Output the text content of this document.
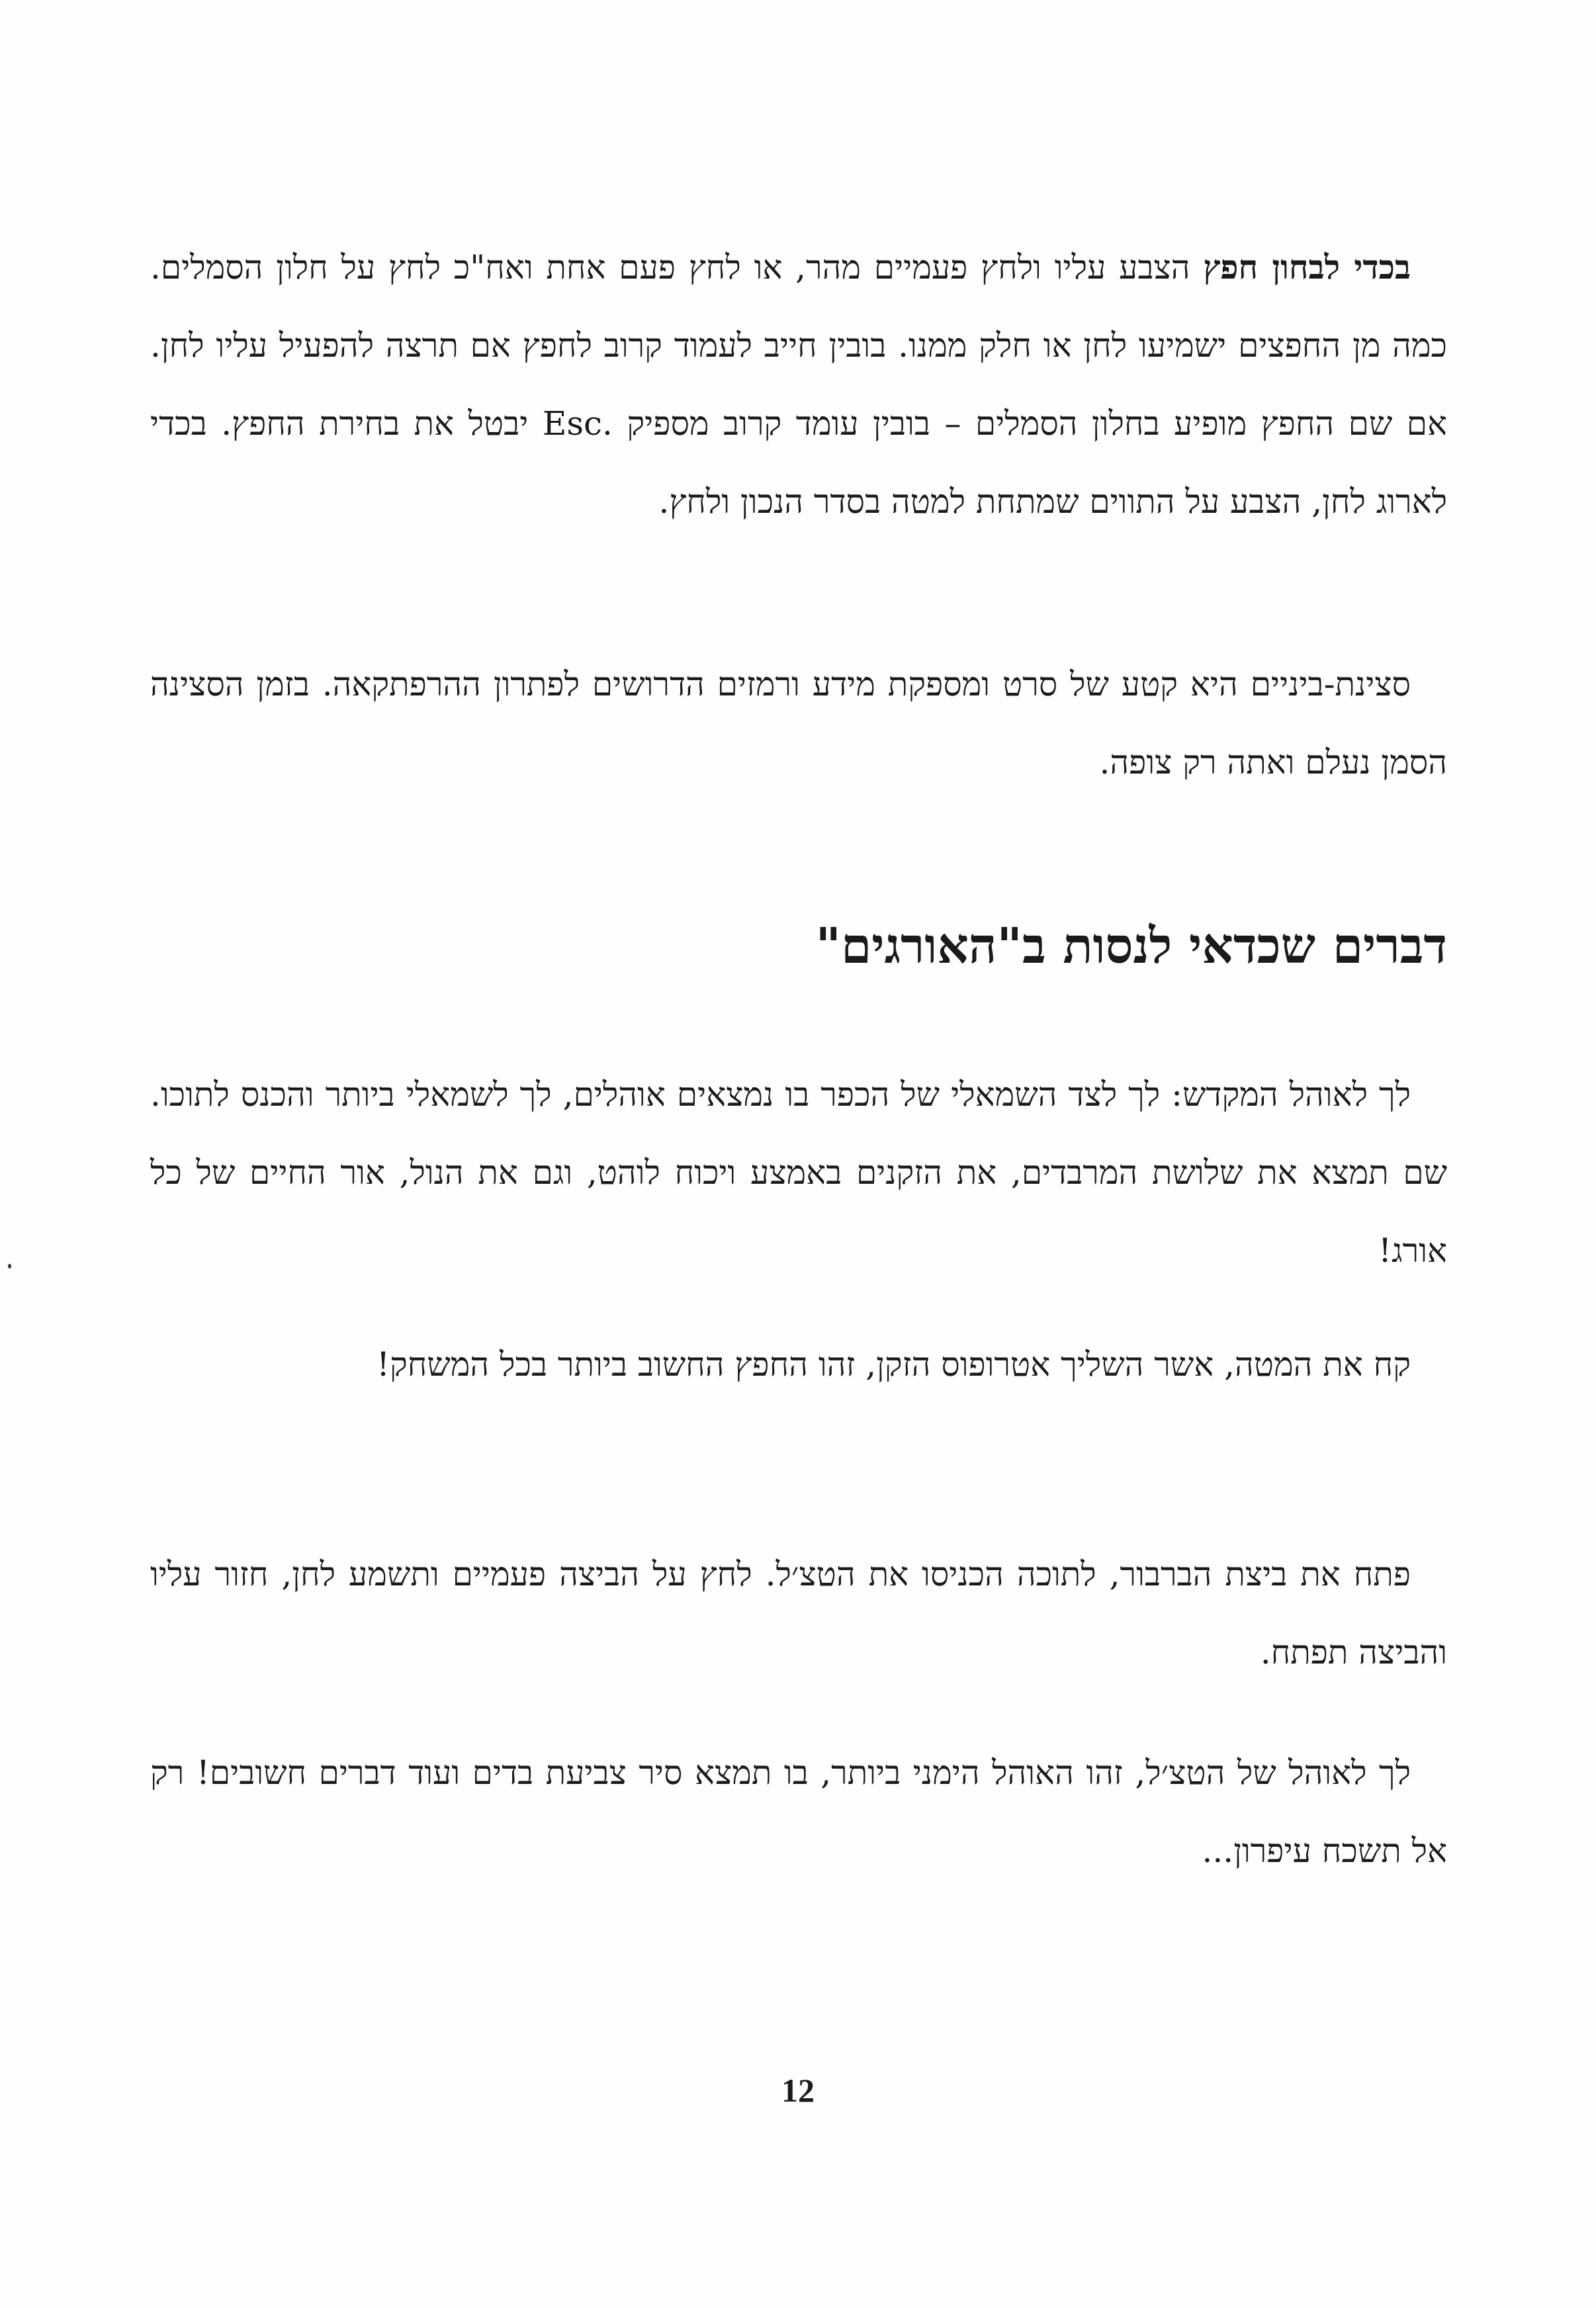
בכדי לבחון חפץ הצבע עליו ולחץ פעמיים מהר, או לחץ פעם אחת ואח"כ לחץ על חלון הסמלים. כמה מן החפצים ישמיעו לחן או חלק ממנו. בובין חייב לעמוד קרוב לחפץ אם תרצה להפעיל עליו לחן. אם שם החפץ מופיע בחלון הסמלים – בובין עומד קרוב מספיק .Esc יבטל את בחירת החפץ. בכדי לארוג לחן, הצבע על התווים שמתחת למטה בסדר הנכון ולחץ.

סצינת-ביניים היא קטע של סרט ומספקת מידע ורמזים הדרושים לפתרון ההרפתקאה. בזמן הסצינה הסמן נעלם ואתה רק צופה.

דברים שכדאי לנסות ב"האורגים"

לך לאוהל המקדש: לך לצד השמאלי של הכפר בו נמצאים אוהלים, לך לשמאלי ביותר והכנס לתוכו. שם תמצא את שלושת המרבדים, את הזקנים באמצע ויכוח לוהט, וגם את הנול, אור החיים של כל אורג!

קח את המטה, אשר השליך אטרופוס הזקן, זהו החפץ החשוב ביותר בכל המשחק!

פתח את ביצת הברבור, לתוכה הכניסו את הטצ׳ל. לחץ על הביצה פעמיים ותשמע לחן, חזור עליו והביצה תפתח.

לך לאוהל של הטצ׳ל, זהו האוהל הימני ביותר, בו תמצא סיר צביעת בדים ועוד דברים חשובים! רק אל תשכח עיפרון...

12
